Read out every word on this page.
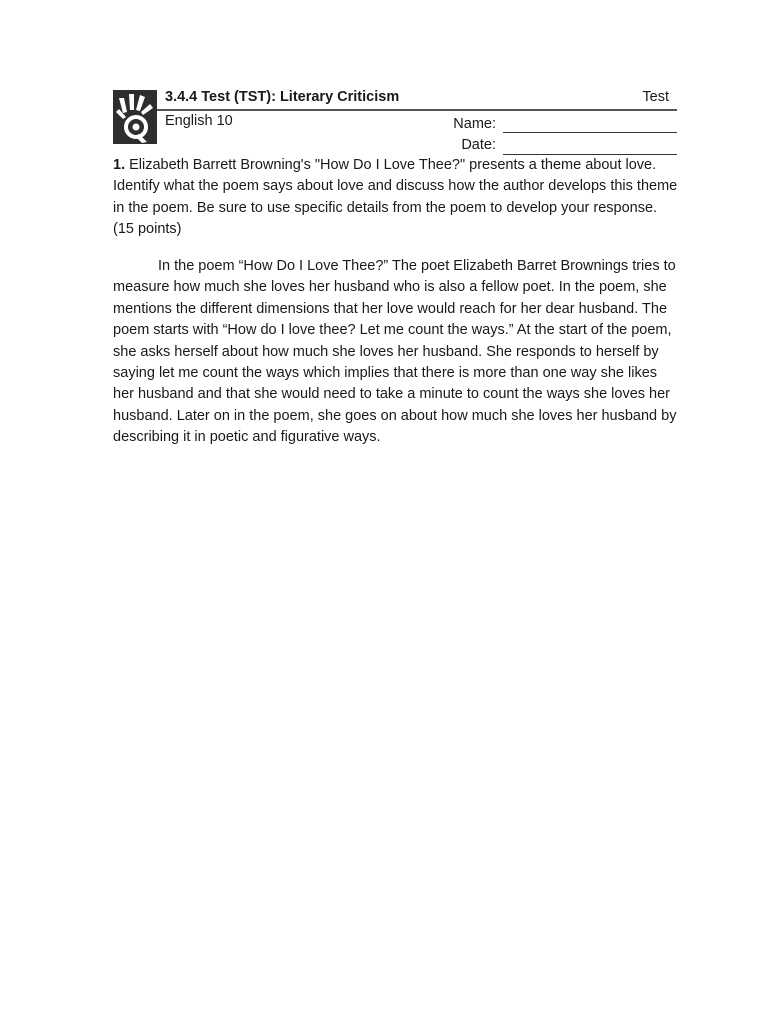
3.4.4 Test (TST): Literary Criticism	Test
English 10	Name:
Date:

1. Elizabeth Barrett Browning's "How Do I Love Thee?" presents a theme about love. Identify what the poem says about love and discuss how the author develops this theme in the poem. Be sure to use specific details from the poem to develop your response. (15 points)

In the poem “How Do I Love Thee?” The poet Elizabeth Barret Brownings tries to measure how much she loves her husband who is also a fellow poet. In the poem, she mentions the different dimensions that her love would reach for her dear husband. The poem starts with “How do I love thee? Let me count the ways.” At the start of the poem, she asks herself about how much she loves her husband. She responds to herself by saying let me count the ways which implies that there is more than one way she likes her husband and that she would need to take a minute to count the ways she loves her husband. Later on in the poem, she goes on about how much she loves her husband by describing it in poetic and figurative ways.
